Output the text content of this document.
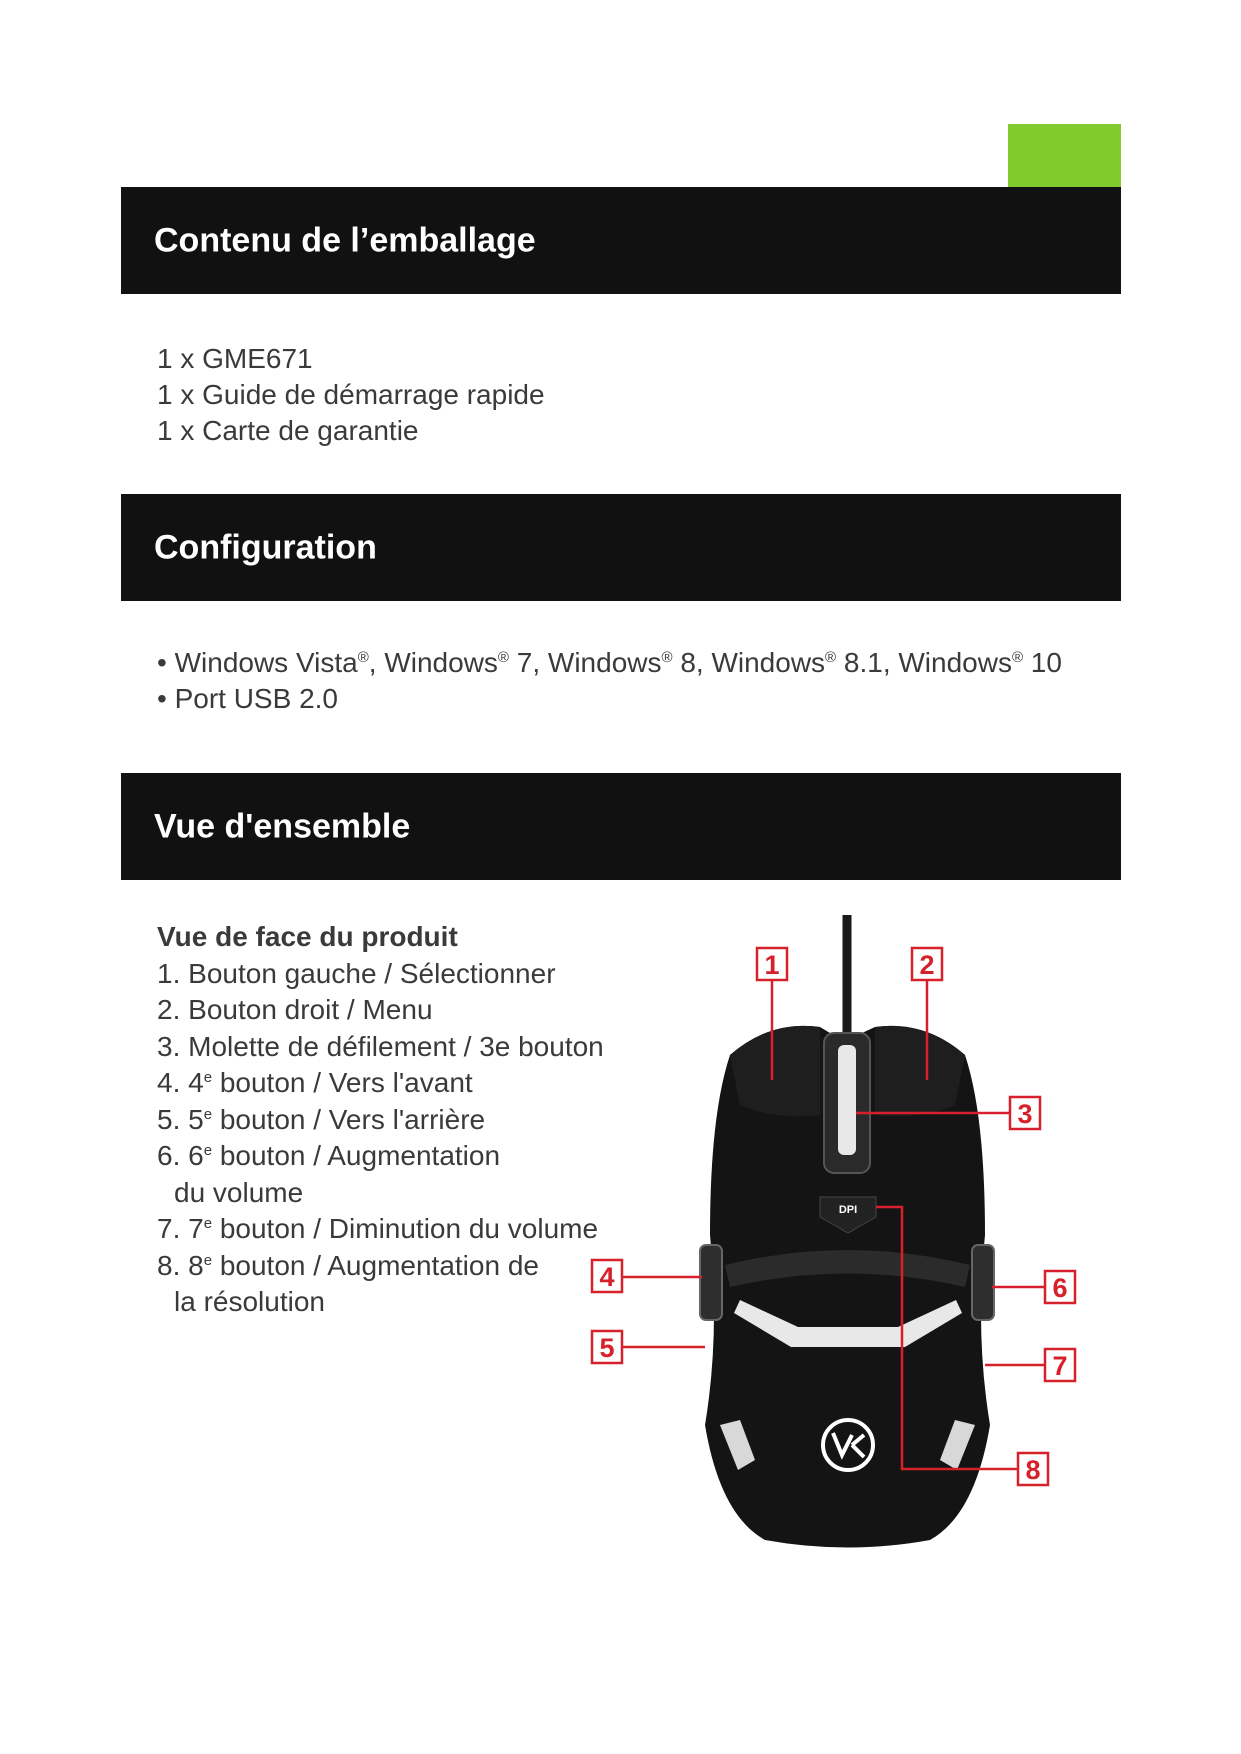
Contenu de l’emballage
1 x GME671
1 x Guide de démarrage rapide
1 x Carte de garantie
Configuration
• Windows Vista®, Windows® 7, Windows® 8, Windows® 8.1, Windows® 10
• Port USB 2.0
Vue d'ensemble
Vue de face du produit
1. Bouton gauche / Sélectionner
2. Bouton droit / Menu
3. Molette de défilement / 3e bouton
4. 4e bouton / Vers l'avant
5. 5e bouton / Vers l'arrière
6. 6e bouton / Augmentation
du volume
7. 7e bouton / Diminution du volume
8. 8e bouton / Augmentation de
la résolution
DPI
1	2
3
4
5
6
7
8
